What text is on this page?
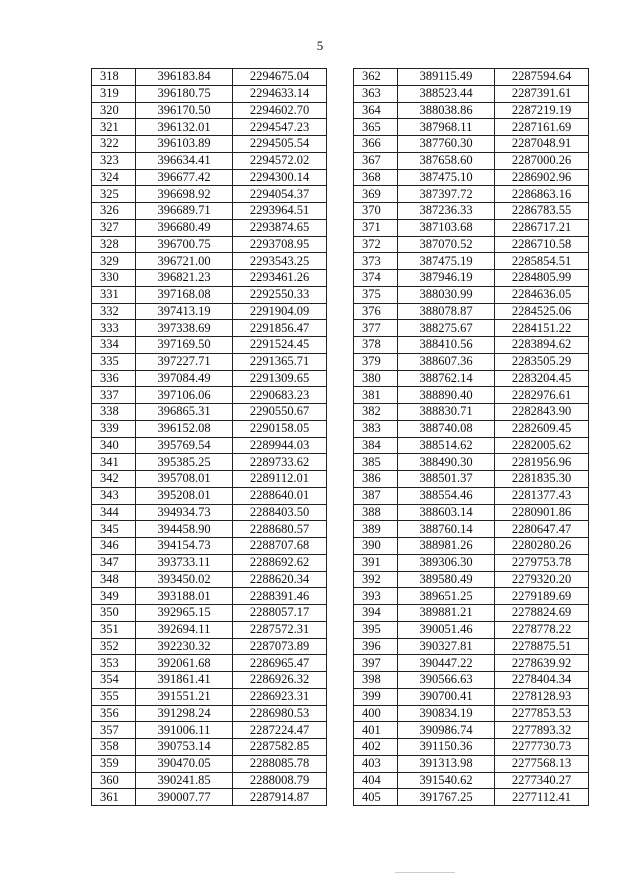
5
318	396183.84	2294675.04
319	396180.75	2294633.14
320	396170.50	2294602.70
321	396132.01	2294547.23
322	396103.89	2294505.54
323	396634.41	2294572.02
324	396677.42	2294300.14
325	396698.92	2294054.37
326	396689.71	2293964.51
327	396680.49	2293874.65
328	396700.75	2293708.95
329	396721.00	2293543.25
330	396821.23	2293461.26
331	397168.08	2292550.33
332	397413.19	2291904.09
333	397338.69	2291856.47
334	397169.50	2291524.45
335	397227.71	2291365.71
336	397084.49	2291309.65
337	397106.06	2290683.23
338	396865.31	2290550.67
339	396152.08	2290158.05
340	395769.54	2289944.03
341	395385.25	2289733.62
342	395708.01	2289112.01
343	395208.01	2288640.01
344	394934.73	2288403.50
345	394458.90	2288680.57
346	394154.73	2288707.68
347	393733.11	2288692.62
348	393450.02	2288620.34
349	393188.01	2288391.46
350	392965.15	2288057.17
351	392694.11	2287572.31
352	392230.32	2287073.89
353	392061.68	2286965.47
354	391861.41	2286926.32
355	391551.21	2286923.31
356	391298.24	2286980.53
357	391006.11	2287224.47
358	390753.14	2287582.85
359	390470.05	2288085.78
360	390241.85	2288008.79
361	390007.77	2287914.87
362	389115.49	2287594.64
363	388523.44	2287391.61
364	388038.86	2287219.19
365	387968.11	2287161.69
366	387760.30	2287048.91
367	387658.60	2287000.26
368	387475.10	2286902.96
369	387397.72	2286863.16
370	387236.33	2286783.55
371	387103.68	2286717.21
372	387070.52	2286710.58
373	387475.19	2285854.51
374	387946.19	2284805.99
375	388030.99	2284636.05
376	388078.87	2284525.06
377	388275.67	2284151.22
378	388410.56	2283894.62
379	388607.36	2283505.29
380	388762.14	2283204.45
381	388890.40	2282976.61
382	388830.71	2282843.90
383	388740.08	2282609.45
384	388514.62	2282005.62
385	388490.30	2281956.96
386	388501.37	2281835.30
387	388554.46	2281377.43
388	388603.14	2280901.86
389	388760.14	2280647.47
390	388981.26	2280280.26
391	389306.30	2279753.78
392	389580.49	2279320.20
393	389651.25	2279189.69
394	389881.21	2278824.69
395	390051.46	2278778.22
396	390327.81	2278875.51
397	390447.22	2278639.92
398	390566.63	2278404.34
399	390700.41	2278128.93
400	390834.19	2277853.53
401	390986.74	2277893.32
402	391150.36	2277730.73
403	391313.98	2277568.13
404	391540.62	2277340.27
405	391767.25	2277112.41
